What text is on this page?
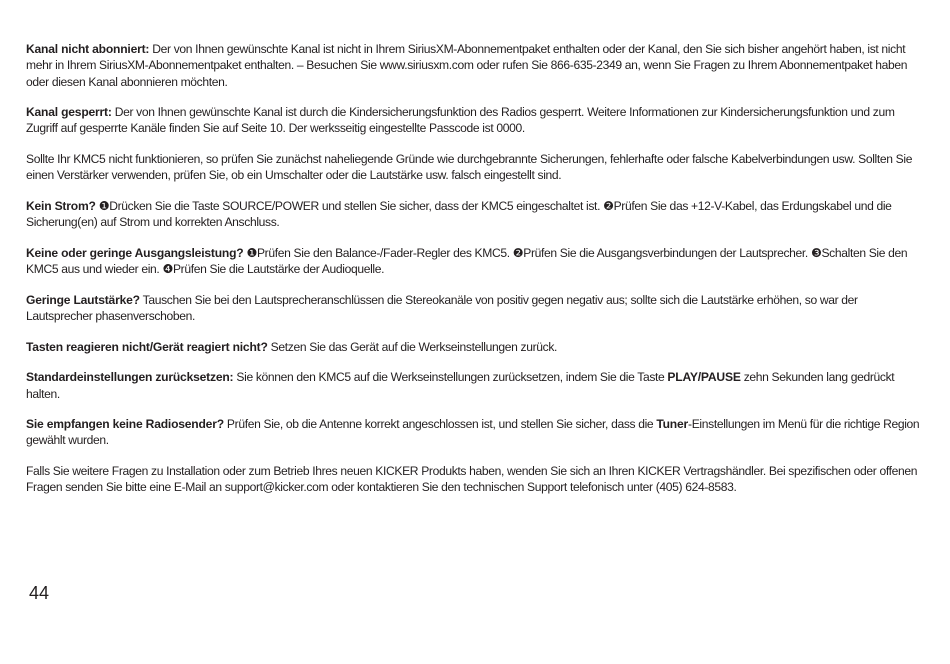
Kanal nicht abonniert: Der von Ihnen gewünschte Kanal ist nicht in Ihrem SiriusXM-Abonnementpaket enthalten oder der Kanal, den Sie sich bisher angehört haben, ist nicht mehr in Ihrem SiriusXM-Abonnementpaket enthalten. – Besuchen Sie www.siriusxm.com oder rufen Sie 866-635-2349 an, wenn Sie Fragen zu Ihrem Abonnementpaket haben oder diesen Kanal abonnieren möchten.

Kanal gesperrt: Der von Ihnen gewünschte Kanal ist durch die Kindersicherungsfunktion des Radios gesperrt. Weitere Informationen zur Kindersicherungsfunktion und zum Zugriff auf gesperrte Kanäle finden Sie auf Seite 10. Der werksseitig eingestellte Passcode ist 0000.

Sollte Ihr KMC5 nicht funktionieren, so prüfen Sie zunächst naheliegende Gründe wie durchgebrannte Sicherungen, fehlerhafte oder falsche Kabelverbindungen usw. Sollten Sie einen Verstärker verwenden, prüfen Sie, ob ein Umschalter oder die Lautstärke usw. falsch eingestellt sind.

Kein Strom? ❶Drücken Sie die Taste SOURCE/POWER und stellen Sie sicher, dass der KMC5 eingeschaltet ist. ❷Prüfen Sie das +12-V-Kabel, das Erdungskabel und die Sicherung(en) auf Strom und korrekten Anschluss.

Keine oder geringe Ausgangsleistung? ❶Prüfen Sie den Balance-/Fader-Regler des KMC5. ❷Prüfen Sie die Ausgangsverbindungen der Lautsprecher. ❸Schalten Sie den KMC5 aus und wieder ein. ❹Prüfen Sie die Lautstärke der Audioquelle.

Geringe Lautstärke? Tauschen Sie bei den Lautsprecheranschlüssen die Stereokanäle von positiv gegen negativ aus; sollte sich die Lautstärke erhöhen, so war der Lautsprecher phasenverschoben.

Tasten reagieren nicht/Gerät reagiert nicht? Setzen Sie das Gerät auf die Werkseinstellungen zurück.

Standardeinstellungen zurücksetzen: Sie können den KMC5 auf die Werkseinstellungen zurücksetzen, indem Sie die Taste PLAY/PAUSE zehn Sekunden lang gedrückt halten.

Sie empfangen keine Radiosender? Prüfen Sie, ob die Antenne korrekt angeschlossen ist, und stellen Sie sicher, dass die Tuner-Einstellungen im Menü für die richtige Region gewählt wurden.

Falls Sie weitere Fragen zu Installation oder zum Betrieb Ihres neuen KICKER Produkts haben, wenden Sie sich an Ihren KICKER Vertragshändler. Bei spezifischen oder offenen Fragen senden Sie bitte eine E-Mail an support@kicker.com oder kontaktieren Sie den technischen Support telefonisch unter (405) 624-8583.

44
